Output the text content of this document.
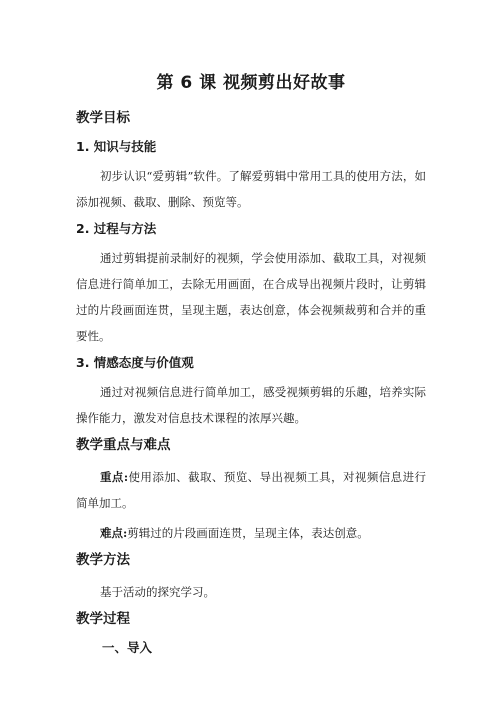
第 6 课 视频剪出好故事
教学目标
1. 知识与技能
初步认识“爱剪辑”软件。了解爱剪辑中常用工具的使用方法，如添加视频、截取、删除、预览等。
2. 过程与方法
通过剪辑提前录制好的视频，学会使用添加、截取工具，对视频信息进行简单加工，去除无用画面，在合成导出视频片段时，让剪辑过的片段画面连贯，呈现主题，表达创意，体会视频裁剪和合并的重要性。
3. 情感态度与价值观
通过对视频信息进行简单加工，感受视频剪辑的乐趣，培养实际操作能力，激发对信息技术课程的浓厚兴趣。
教学重点与难点
重点:使用添加、截取、预览、导出视频工具，对视频信息进行简单加工。
难点:剪辑过的片段画面连贯，呈现主体，表达创意。
教学方法
基于活动的探究学习。
教学过程
一、导入
